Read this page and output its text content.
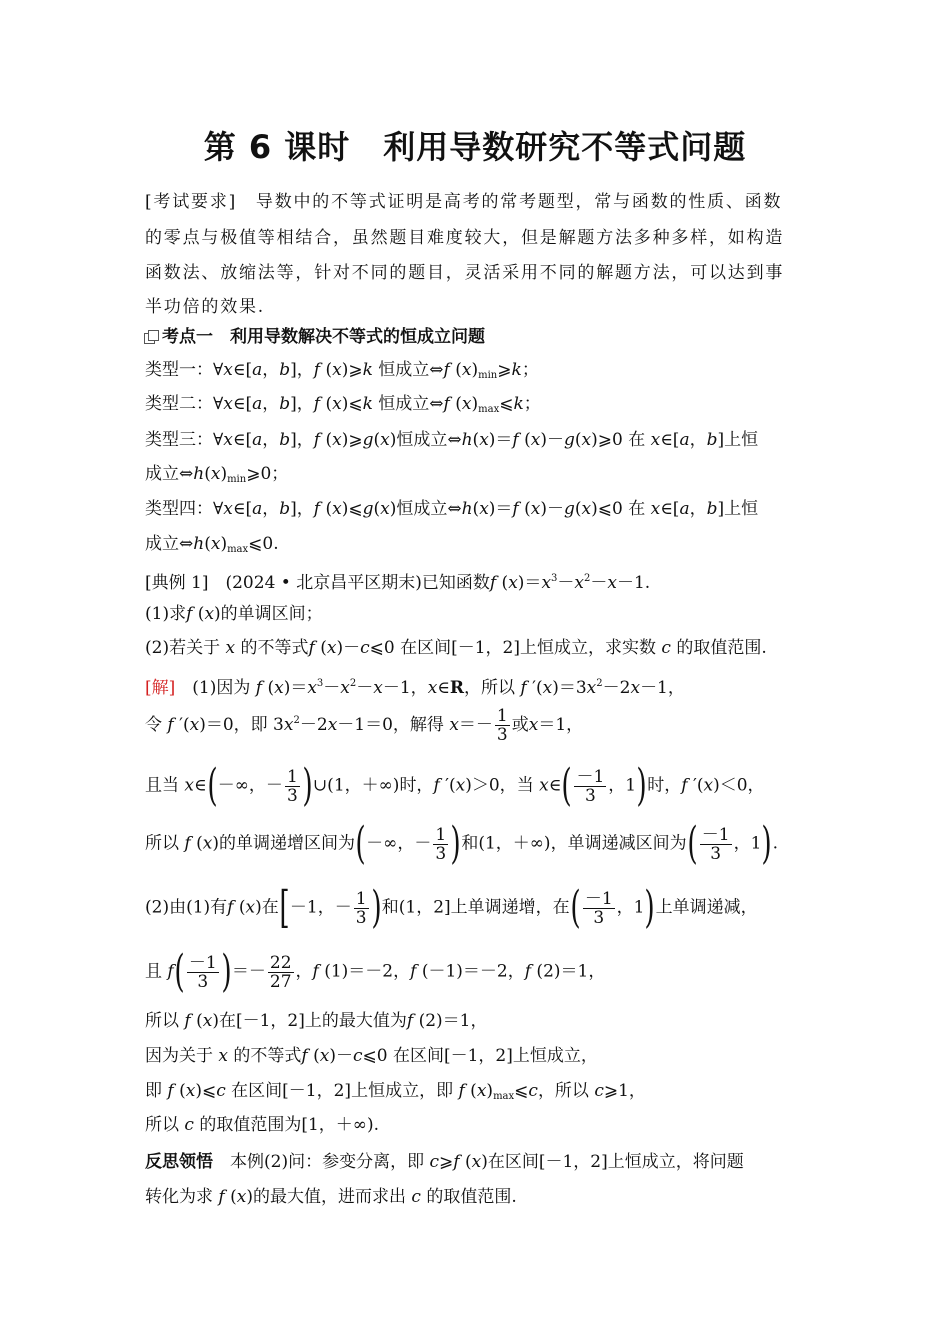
第 6 课时　利用导数研究不等式问题
[考试要求]　 导数中的不等式证明是高考的常考题型，常与函数的性质、函数
的零点与极值等相结合，虽然题目难度较大，但是解题方法多种多样，如构造
函数法、放缩法等，针对不同的题目，灵活采用不同的解题方法，可以达到事
半功倍的效果.
考点一　利用导数解决不等式的恒成立问题
类型一：∀x∈[a，b]，f (x)⩾k 恒成立⇔f $(x)_{min}⩾k$；
类型二：∀x∈[a，b]，f (x)⩽k 恒成立⇔f $(x)_{max}⩽k$；
类型三：∀x∈[a，b]，f (x)⩾g(x)恒成立⇔h(x)＝f (x)－g(x)⩾0 在 x∈[a，b]上恒
成立$\Leftrightarrow h(x)_{min}⩾0$；
类型四：∀x∈[a，b]，f (x)⩽g(x)恒成立⇔h(x)＝f (x)－g(x)⩽0 在 x∈[a，b]上恒
成立$\Leftrightarrow h(x)_{max}⩽0$.
[典例 1]　 (2024 • 北京昌平区期末)已知函数f $(x)=x^3-x^2-x-1$.
(1)求f (x)的单调区间；
(2)若关于 x 的不等式f (x)－c⩽0 在区间[－1，2]上恒成立，求实数 c 的取值范围.
[解]　(1)因为 f $(x)=x^3-x^2-x-1$，x∈R，所以 f $'(x)=3x^2-2x-1$，
令 f ′(x)＝0，即 $3x^2-2x-1=0$，解得 $x=- \frac{1}{3}$ 或x＝1，
且当 x∈(－∞，－ $\frac{1}{3}$ )∪(1，＋∞)时，f ′(x)＞0，当 x∈( $\frac{-1}{3}$ ，1)时，f ′(x)＜0，
所以 f (x)的单调递增区间为(－∞，－ $\frac{1}{3}$ )和(1，＋∞)，单调递减区间为( $\frac{-1}{3}$ ，1).
(2)由(1)有f (x)在[－1，－ $\frac{1}{3}$ )和(1，2]上单调递增，在( $\frac{-1}{3}$ ，1)上单调递减，
且 $f( \frac{-1}{3}$ )＝－ $\frac{22}{27}$ ，f (1)＝－2，f (－1)＝－2，f (2)＝1，
所以 f (x)在[－1，2]上的最大值为f (2)＝1，
因为关于 x 的不等式f (x)－c⩽0 在区间[－1，2]上恒成立，
即 f (x)⩽c 在区间[－1，2]上恒成立，即 f $(x)_{max}⩽c$，所以 c⩾1，
所以 c 的取值范围为[1，＋∞).
反思领悟　 本例(2)问：参变分离，即 c⩾f (x)在区间[－1，2]上恒成立，将问题
转化为求 f (x)的最大值，进而求出 c 的取值范围.
